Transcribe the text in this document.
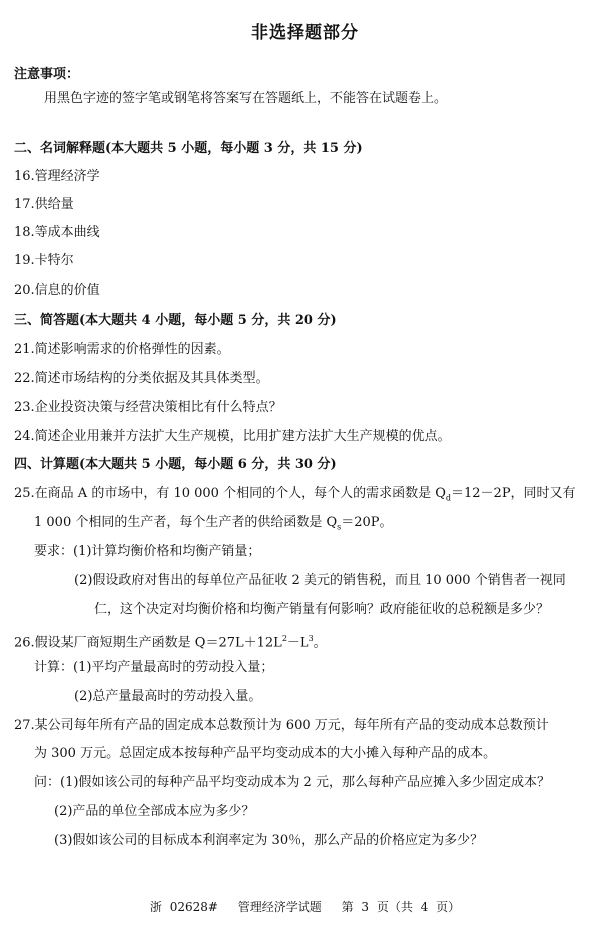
非选择题部分
注意事项：
用黑色字迹的签字笔或钢笔将答案写在答题纸上，不能答在试题卷上。
二、名词解释题(本大题共 5 小题，每小题 3 分，共 15 分)
16.管理经济学
17.供给量
18.等成本曲线
19.卡特尔
20.信息的价值
三、简答题(本大题共 4 小题，每小题 5 分，共 20 分)
21.简述影响需求的价格弹性的因素。
22.简述市场结构的分类依据及其具体类型。
23.企业投资决策与经营决策相比有什么特点？
24.简述企业用兼并方法扩大生产规模，比用扩建方法扩大生产规模的优点。
四、计算题(本大题共 5 小题，每小题 6 分，共 30 分)
25.在商品 A 的市场中，有 10 000 个相同的个人，每个人的需求函数是 $Q_d=12-2P$，同时又有
1 000 个相同的生产者，每个生产者的供给函数是 $Q_s=20P$。
要求：(1)计算均衡价格和均衡产销量；
(2)假设政府对售出的每单位产品征收 2 美元的销售税，而且 10 000 个销售者一视同
仁，这个决定对均衡价格和均衡产销量有何影响？政府能征收的总税额是多少？
26.假设某厂商短期生产函数是 $Q=27L+12L^2-L^3$。
计算：(1)平均产量最高时的劳动投入量；
(2)总产量最高时的劳动投入量。
27.某公司每年所有产品的固定成本总数预计为 600 万元，每年所有产品的变动成本总数预计
为 300 万元。总固定成本按每种产品平均变动成本的大小摊入每种产品的成本。
问：(1)假如该公司的每种产品平均变动成本为 2 元，那么每种产品应摊入多少固定成本？
(2)产品的单位全部成本应为多少？
(3)假如该公司的目标成本利润率定为 30％，那么产品的价格应定为多少？
浙 02628# 管理经济学试题 第 3 页（共 4 页）
